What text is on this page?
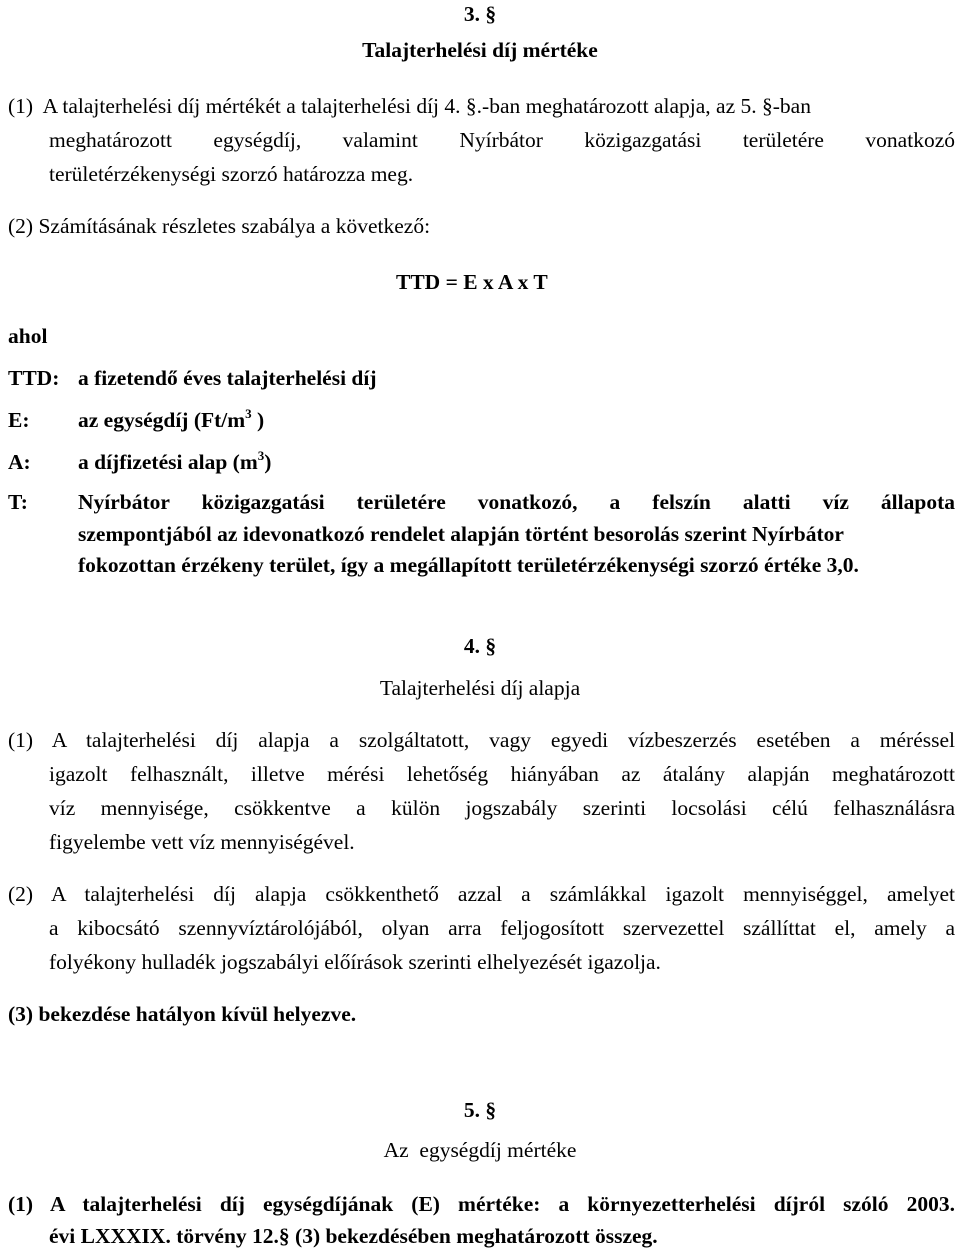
3. §
Talajterhelési díj mértéke
(1)  A talajterhelési díj mértékét a talajterhelési díj 4. §.-ban meghatározott alapja, az 5. §-ban
meghatározott egységdíj, valamint Nyírbátor közigazgatási területére vonatkozó
területérzékenységi szorzó határozza meg.
(2) Számításának részletes szabálya a következő:
TTD = E x A x T
ahol
TTD: a fizetendő éves talajterhelési díj
E: az egységdíj ($Ft/m^3$ )
A: a díjfizetési alap $(m^3)$
T: Nyírbátor közigazgatási területére vonatkozó, a felszín alatti víz állapota
szempontjából az idevonatkozó rendelet alapján történt besorolás szerint Nyírbátor
fokozottan érzékeny terület, így a megállapított területérzékenységi szorzó értéke 3,0.
4. §
Talajterhelési díj alapja
(1) A talajterhelési díj alapja a szolgáltatott, vagy egyedi vízbeszerzés esetében a méréssel
igazolt felhasznált, illetve mérési lehetőség hiányában az átalány alapján meghatározott
víz mennyisége, csökkentve a külön jogszabály szerinti locsolási célú felhasználásra
figyelembe vett víz mennyiségével.
(2) A talajterhelési díj alapja csökkenthető azzal a számlákkal igazolt mennyiséggel, amelyet
a kibocsátó szennyvíztárolójából, olyan arra feljogosított szervezettel szállíttat el, amely a
folyékony hulladék jogszabályi előírások szerinti elhelyezését igazolja.
(3) bekezdése hatályon kívül helyezve.
5. §
Az  egységdíj mértéke
(1) A talajterhelési díj egységdíjának (E) mértéke: a környezetterhelési díjról szóló 2003.
évi LXXXIX. törvény 12.§ (3) bekezdésében meghatározott összeg.
